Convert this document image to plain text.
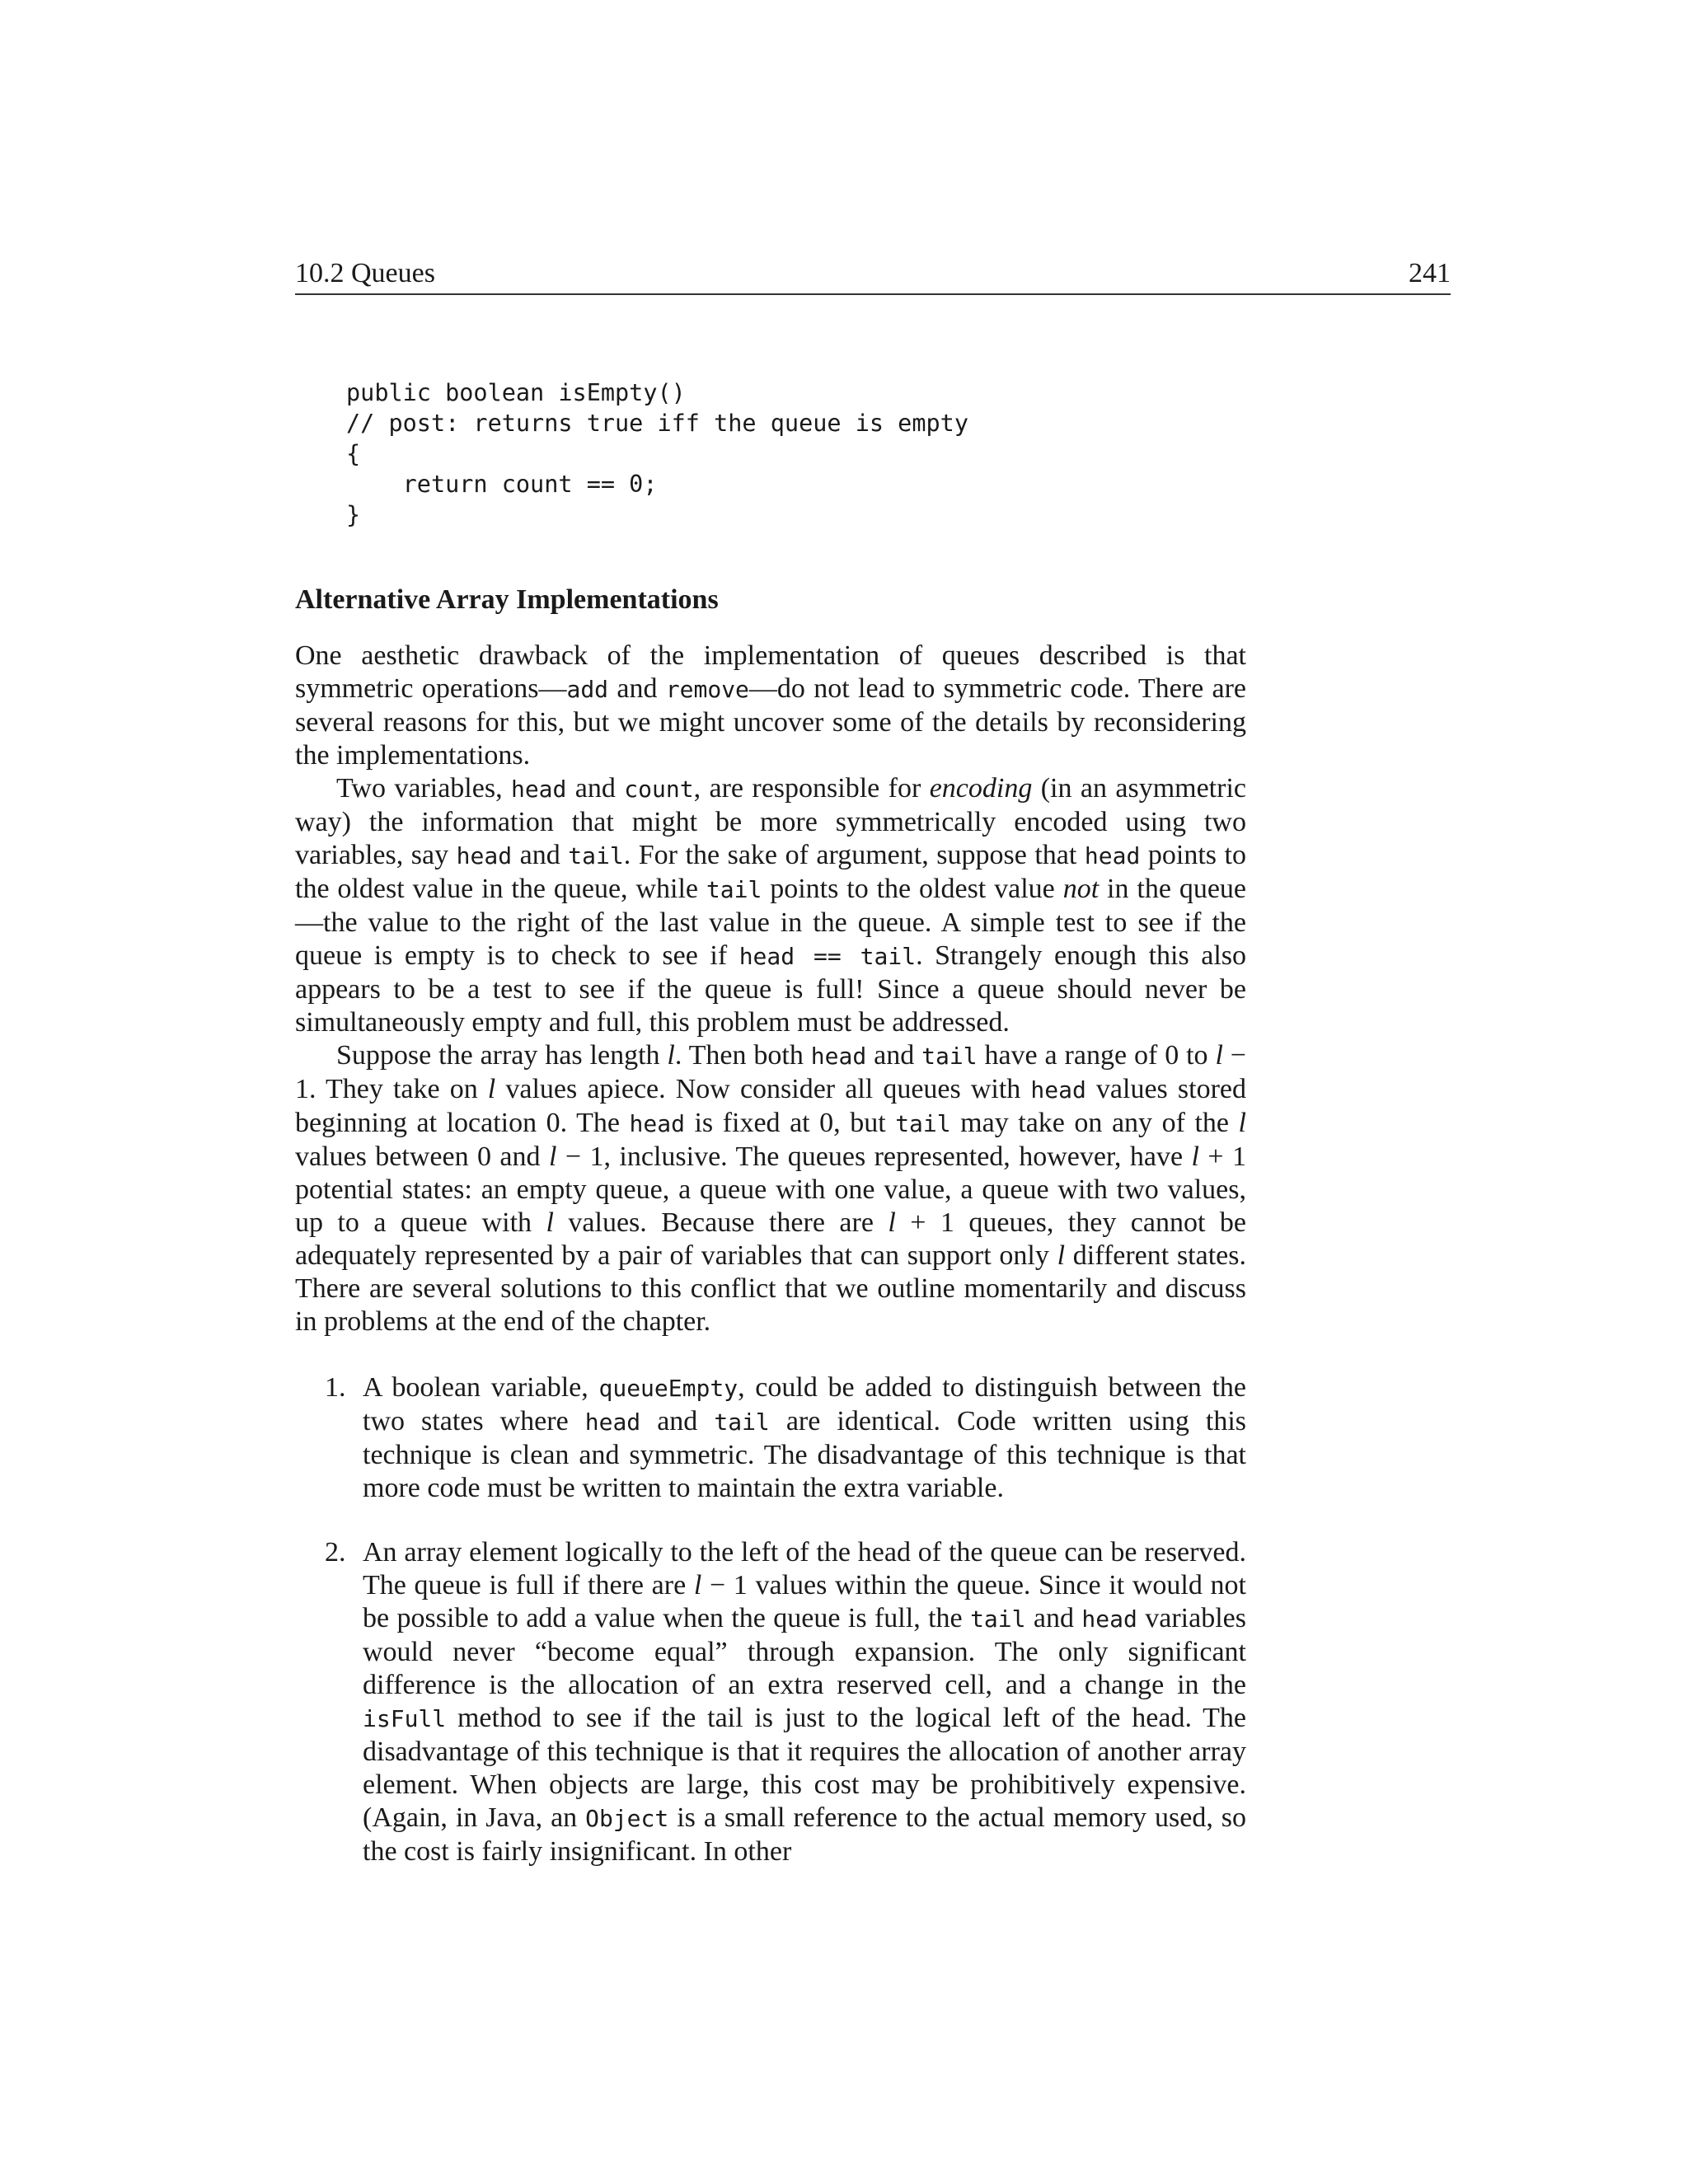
10.2 Queues	241
public boolean isEmpty()
// post: returns true iff the queue is empty
{
return count == 0;
}
Alternative Array Implementations

One aesthetic drawback of the implementation of queues described is that symmetric operations—add and remove—do not lead to symmetric code. There are several reasons for this, but we might uncover some of the details by reconsidering the implementations.

Two variables, head and count, are responsible for encoding (in an asymmetric way) the information that might be more symmetrically encoded using two variables, say head and tail. For the sake of argument, suppose that head points to the oldest value in the queue, while tail points to the oldest value not in the queue—the value to the right of the last value in the queue. A simple test to see if the queue is empty is to check to see if head == tail. Strangely enough this also appears to be a test to see if the queue is full! Since a queue should never be simultaneously empty and full, this problem must be addressed.

Suppose the array has length l. Then both head and tail have a range of 0 to l − 1. They take on l values apiece. Now consider all queues with head values stored beginning at location 0. The head is fixed at 0, but tail may take on any of the l values between 0 and l − 1, inclusive. The queues represented, however, have l + 1 potential states: an empty queue, a queue with one value, a queue with two values, up to a queue with l values. Because there are l + 1 queues, they cannot be adequately represented by a pair of variables that can support only l different states. There are several solutions to this conflict that we outline momentarily and discuss in problems at the end of the chapter.

1. A boolean variable, queueEmpty, could be added to distinguish between the two states where head and tail are identical. Code written using this technique is clean and symmetric. The disadvantage of this technique is that more code must be written to maintain the extra variable.
2. An array element logically to the left of the head of the queue can be reserved. The queue is full if there are l − 1 values within the queue. Since it would not be possible to add a value when the queue is full, the tail and head variables would never “become equal” through expansion. The only significant difference is the allocation of an extra reserved cell, and a change in the isFull method to see if the tail is just to the logical left of the head. The disadvantage of this technique is that it requires the allocation of another array element. When objects are large, this cost may be prohibitively expensive. (Again, in Java, an Object is a small reference to the actual memory used, so the cost is fairly insignificant. In other
